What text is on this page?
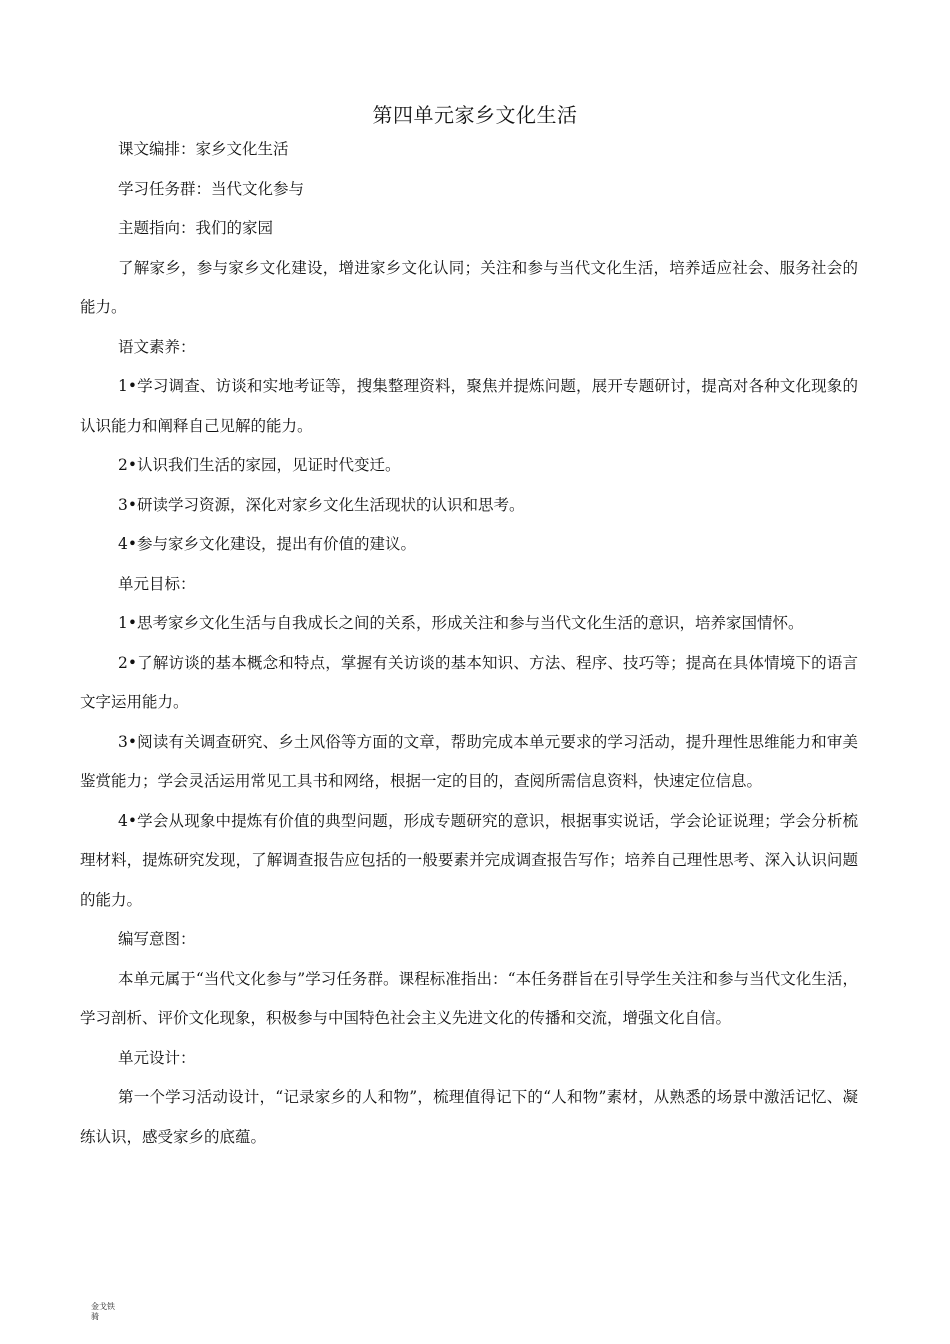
第四单元家乡文化生活

课文编排：家乡文化生活

学习任务群：当代文化参与

主题指向：我们的家园

了解家乡，参与家乡文化建设，增进家乡文化认同；关注和参与当代文化生活，培养适应社会、服务社会的能力。

语文素养：

1•学习调查、访谈和实地考证等，搜集整理资料，聚焦并提炼问题，展开专题研讨，提高对各种文化现象的认识能力和阐释自己见解的能力。

2•认识我们生活的家园，见证时代变迁。

3•研读学习资源，深化对家乡文化生活现状的认识和思考。

4•参与家乡文化建设，提出有价值的建议。

单元目标：

1•思考家乡文化生活与自我成长之间的关系，形成关注和参与当代文化生活的意识，培养家国情怀。

2•了解访谈的基本概念和特点，掌握有关访谈的基本知识、方法、程序、技巧等；提高在具体情境下的语言文字运用能力。

3•阅读有关调查研究、乡土风俗等方面的文章，帮助完成本单元要求的学习活动，提升理性思维能力和审美鉴赏能力；学会灵活运用常见工具书和网络，根据一定的目的，查阅所需信息资料，快速定位信息。

4•学会从现象中提炼有价值的典型问题，形成专题研究的意识，根据事实说话，学会论证说理；学会分析梳理材料，提炼研究发现，了解调查报告应包括的一般要素并完成调查报告写作；培养自己理性思考、深入认识问题的能力。

编写意图：

本单元属于“当代文化参与”学习任务群。课程标准指出：“本任务群旨在引导学生关注和参与当代文化生活，学习剖析、评价文化现象，积极参与中国特色社会主义先进文化的传播和交流，增强文化自信。

单元设计：

第一个学习活动设计，“记录家乡的人和物”，梳理值得记下的“人和物”素材，从熟悉的场景中激活记忆、凝练认识，感受家乡的底蕴。

金戈铁骑
